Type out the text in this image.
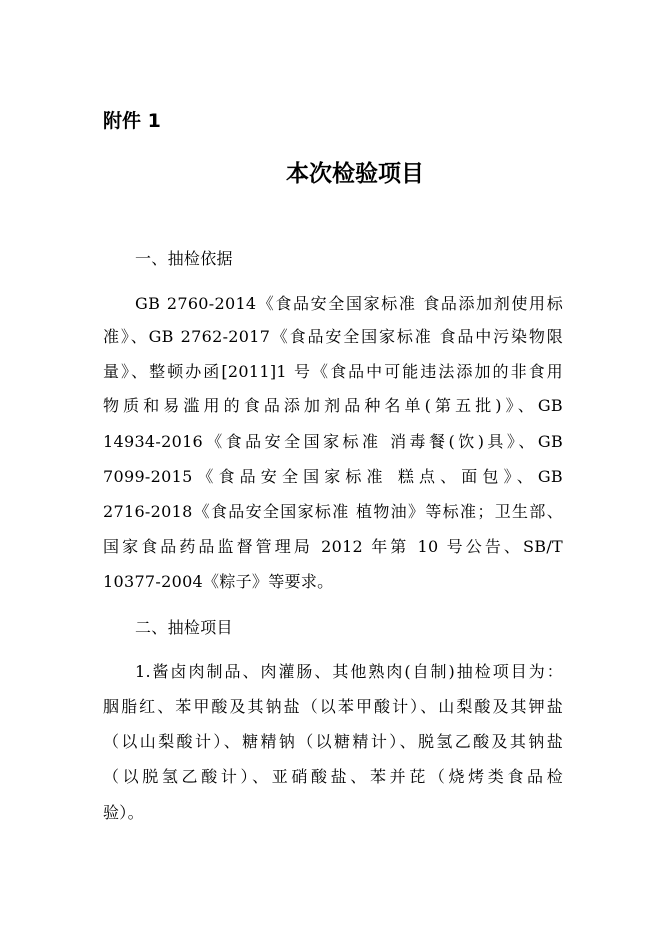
附件 1
本次检验项目
一、抽检依据
GB 2760-2014《食品安全国家标准 食品添加剂使用标
准》、GB 2762-2017《食品安全国家标准 食品中污染物限
量》、整顿办函[2011]1 号《食品中可能违法添加的非食用
物质和易滥用的食品添加剂品种名单(第五批)》、GB
14934-2016《食品安全国家标准 消毒餐(饮)具》、GB
7099-2015《食品安全国家标准 糕点、面包》、GB
2716-2018《食品安全国家标准 植物油》等标准；卫生部、
国家食品药品监督管理局 2012 年第 10 号公告、SB/T
10377-2004《粽子》等要求。
二、抽检项目
1.酱卤肉制品、肉灌肠、其他熟肉(自制)抽检项目为：
胭脂红、苯甲酸及其钠盐（以苯甲酸计）、山梨酸及其钾盐
（以山梨酸计）、糖精钠（以糖精计）、脱氢乙酸及其钠盐
（以脱氢乙酸计）、亚硝酸盐、苯并芘（烧烤类食品检
验）。
